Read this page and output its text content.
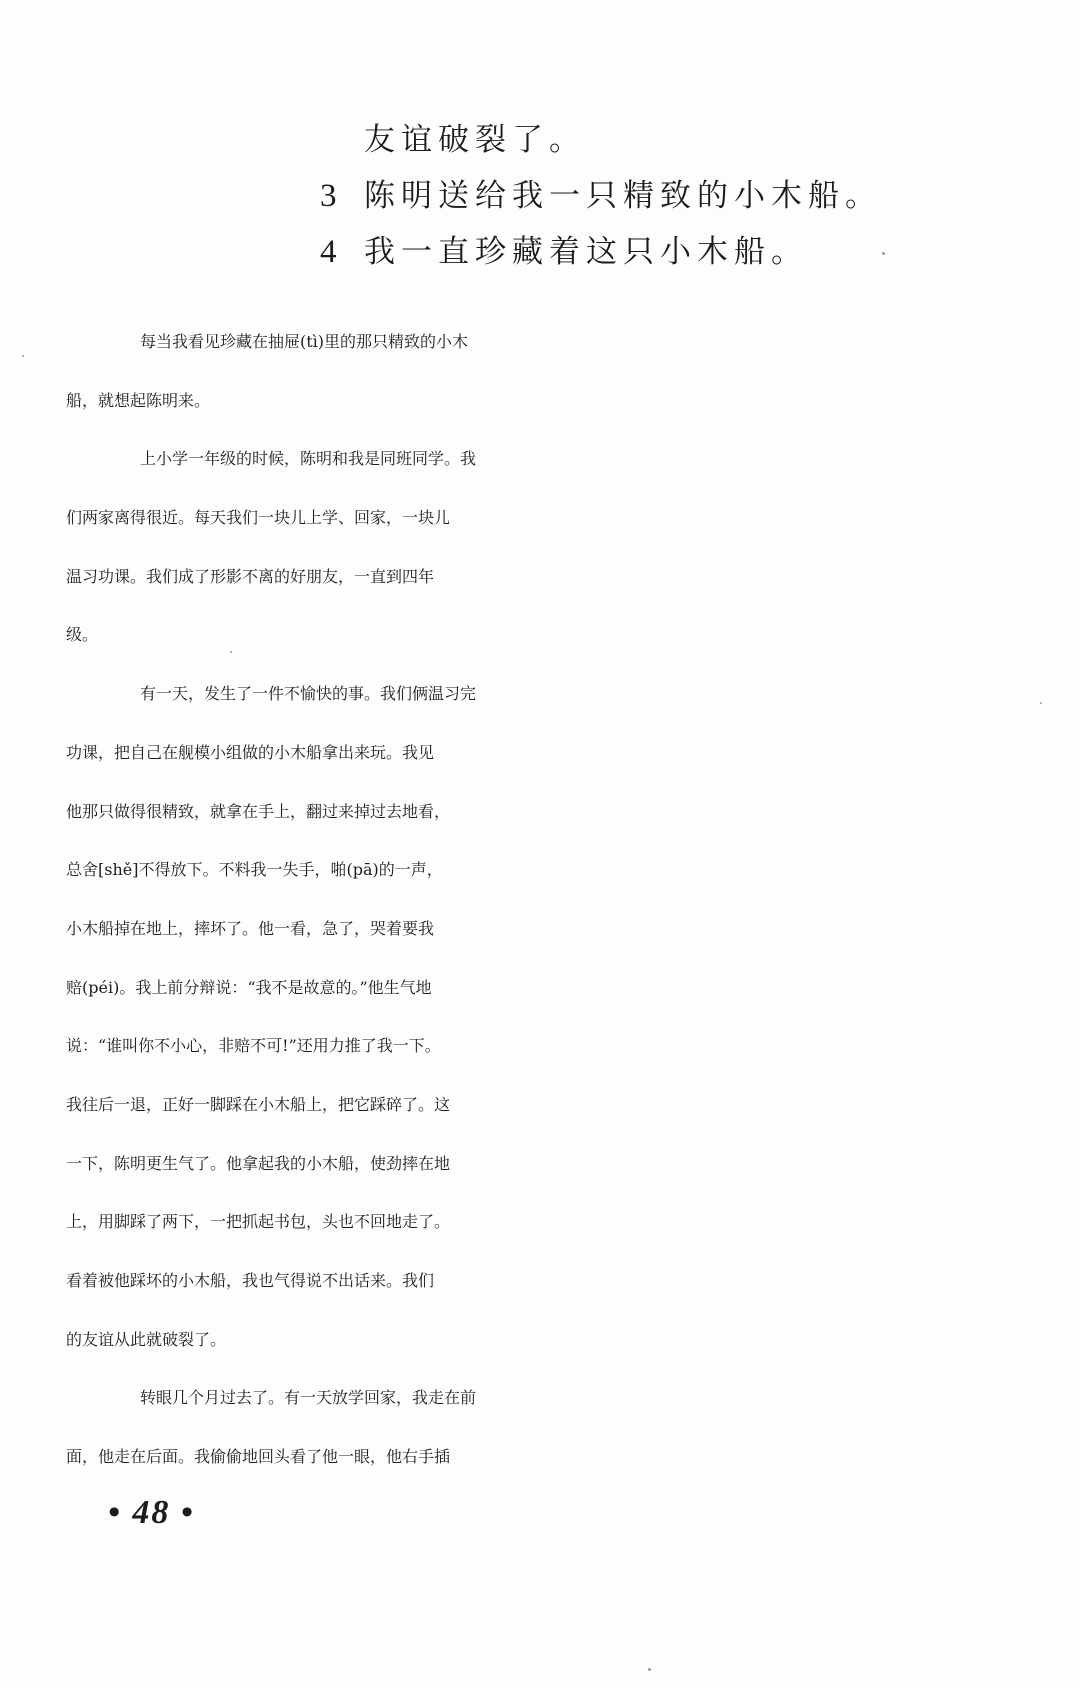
友谊破裂了。
3 陈明送给我一只精致的小木船。
4 我一直珍藏着这只小木船。
每当我看见珍藏在抽屉(tì)里的那只精致的小木
船，就想起陈明来。
上小学一年级的时候，陈明和我是同班同学。我
们两家离得很近。每天我们一块儿上学、回家，一块儿
温习功课。我们成了形影不离的好朋友，一直到四年
级。
有一天，发生了一件不愉快的事。我们俩温习完
功课，把自己在舰模小组做的小木船拿出来玩。我见
他那只做得很精致，就拿在手上，翻过来掉过去地看，
总舍[shě]不得放下。不料我一失手，啪(pā)的一声，
小木船掉在地上，摔坏了。他一看，急了，哭着要我
赔(péi)。我上前分辩说：“我不是故意的。”他生气地
说：“谁叫你不小心，非赔不可!”还用力推了我一下。
我往后一退，正好一脚踩在小木船上，把它踩碎了。这
一下，陈明更生气了。他拿起我的小木船，使劲摔在地
上，用脚踩了两下，一把抓起书包，头也不回地走了。
看着被他踩坏的小木船，我也气得说不出话来。我们
的友谊从此就破裂了。
转眼几个月过去了。有一天放学回家，我走在前
面，他走在后面。我偷偷地回头看了他一眼，他右手插
• 48 •
